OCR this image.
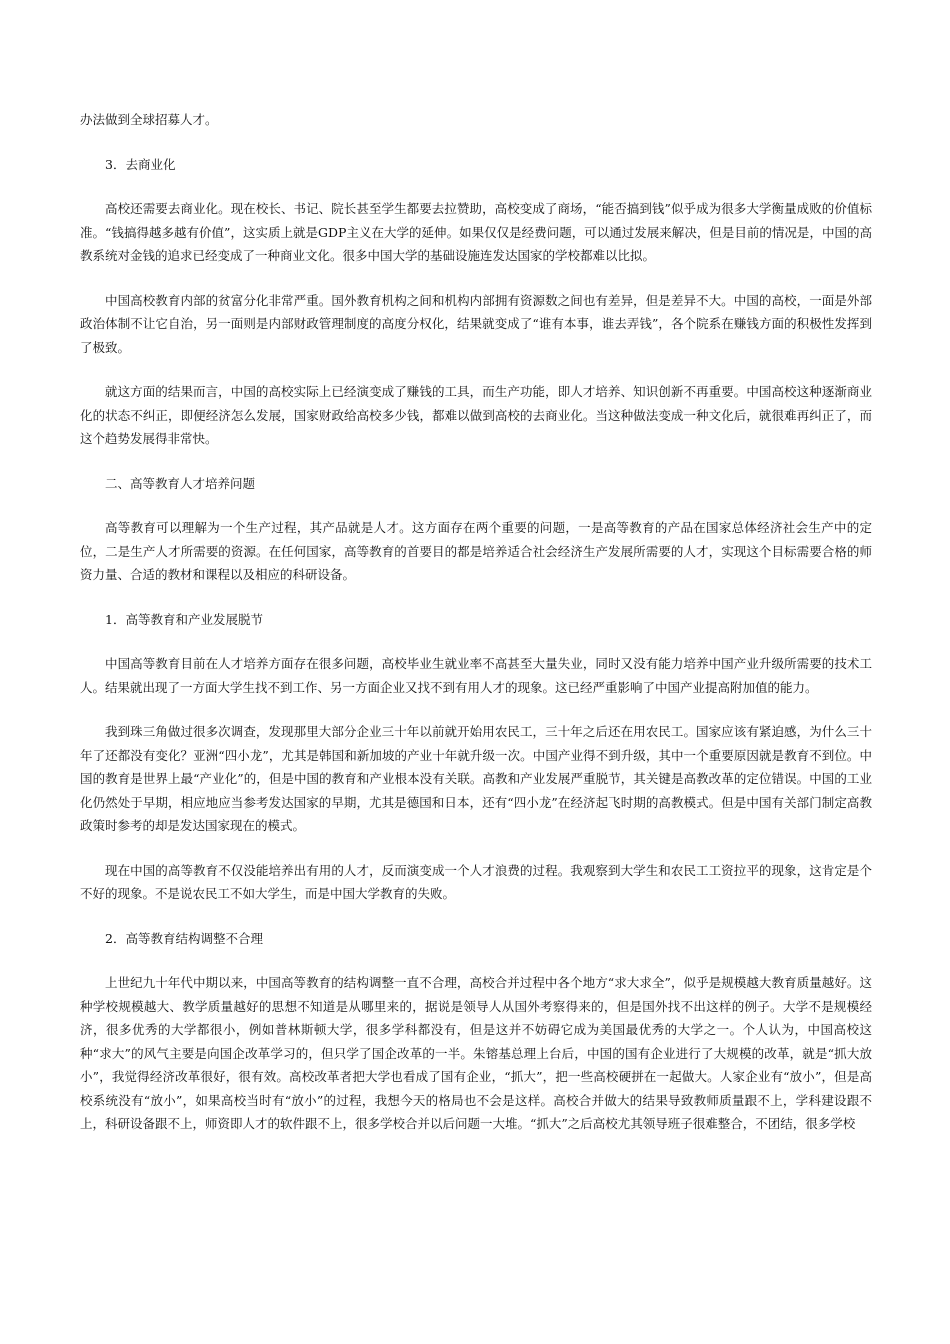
办法做到全球招募人才。

3．去商业化

高校还需要去商业化。现在校长、书记、院长甚至学生都要去拉赞助，高校变成了商场，“能否搞到钱”似乎成为很多大学衡量成败的价值标准。“钱搞得越多越有价值”，这实质上就是GDP主义在大学的延伸。如果仅仅是经费问题，可以通过发展来解决，但是目前的情况是，中国的高教系统对金钱的追求已经变成了一种商业文化。很多中国大学的基础设施连发达国家的学校都难以比拟。

中国高校教育内部的贫富分化非常严重。国外教育机构之间和机构内部拥有资源数之间也有差异，但是差异不大。中国的高校，一面是外部政治体制不让它自治，另一面则是内部财政管理制度的高度分权化，结果就变成了“谁有本事，谁去弄钱”，各个院系在赚钱方面的积极性发挥到了极致。

就这方面的结果而言，中国的高校实际上已经演变成了赚钱的工具，而生产功能，即人才培养、知识创新不再重要。中国高校这种逐渐商业化的状态不纠正，即便经济怎么发展，国家财政给高校多少钱，都难以做到高校的去商业化。当这种做法变成一种文化后，就很难再纠正了，而这个趋势发展得非常快。

二、高等教育人才培养问题

高等教育可以理解为一个生产过程，其产品就是人才。这方面存在两个重要的问题，一是高等教育的产品在国家总体经济社会生产中的定位，二是生产人才所需要的资源。在任何国家，高等教育的首要目的都是培养适合社会经济生产发展所需要的人才，实现这个目标需要合格的师资力量、合适的教材和课程以及相应的科研设备。

1．高等教育和产业发展脱节

中国高等教育目前在人才培养方面存在很多问题，高校毕业生就业率不高甚至大量失业，同时又没有能力培养中国产业升级所需要的技术工人。结果就出现了一方面大学生找不到工作、另一方面企业又找不到有用人才的现象。这已经严重影响了中国产业提高附加值的能力。

我到珠三角做过很多次调查，发现那里大部分企业三十年以前就开始用农民工，三十年之后还在用农民工。国家应该有紧迫感，为什么三十年了还都没有变化？亚洲“四小龙”，尤其是韩国和新加坡的产业十年就升级一次。中国产业得不到升级，其中一个重要原因就是教育不到位。中国的教育是世界上最“产业化”的，但是中国的教育和产业根本没有关联。高教和产业发展严重脱节，其关键是高教改革的定位错误。中国的工业化仍然处于早期，相应地应当参考发达国家的早期，尤其是德国和日本，还有“四小龙”在经济起飞时期的高教模式。但是中国有关部门制定高教政策时参考的却是发达国家现在的模式。

现在中国的高等教育不仅没能培养出有用的人才，反而演变成一个人才浪费的过程。我观察到大学生和农民工工资拉平的现象，这肯定是个不好的现象。不是说农民工不如大学生，而是中国大学教育的失败。

2．高等教育结构调整不合理

上世纪九十年代中期以来，中国高等教育的结构调整一直不合理，高校合并过程中各个地方“求大求全”，似乎是规模越大教育质量越好。这种学校规模越大、教学质量越好的思想不知道是从哪里来的，据说是领导人从国外考察得来的，但是国外找不出这样的例子。大学不是规模经济，很多优秀的大学都很小，例如普林斯顿大学，很多学科都没有，但是这并不妨碍它成为美国最优秀的大学之一。个人认为，中国高校这种“求大”的风气主要是向国企改革学习的，但只学了国企改革的一半。朱镕基总理上台后，中国的国有企业进行了大规模的改革，就是“抓大放小”，我觉得经济改革很好，很有效。高校改革者把大学也看成了国有企业，“抓大”，把一些高校硬拼在一起做大。人家企业有“放小”，但是高校系统没有“放小”，如果高校当时有“放小”的过程，我想今天的格局也不会是这样。高校合并做大的结果导致教师质量跟不上，学科建设跟不上，科研设备跟不上，师资即人才的软件跟不上，很多学校合并以后问题一大堆。“抓大”之后高校尤其领导班子很难整合，不团结，很多学校
